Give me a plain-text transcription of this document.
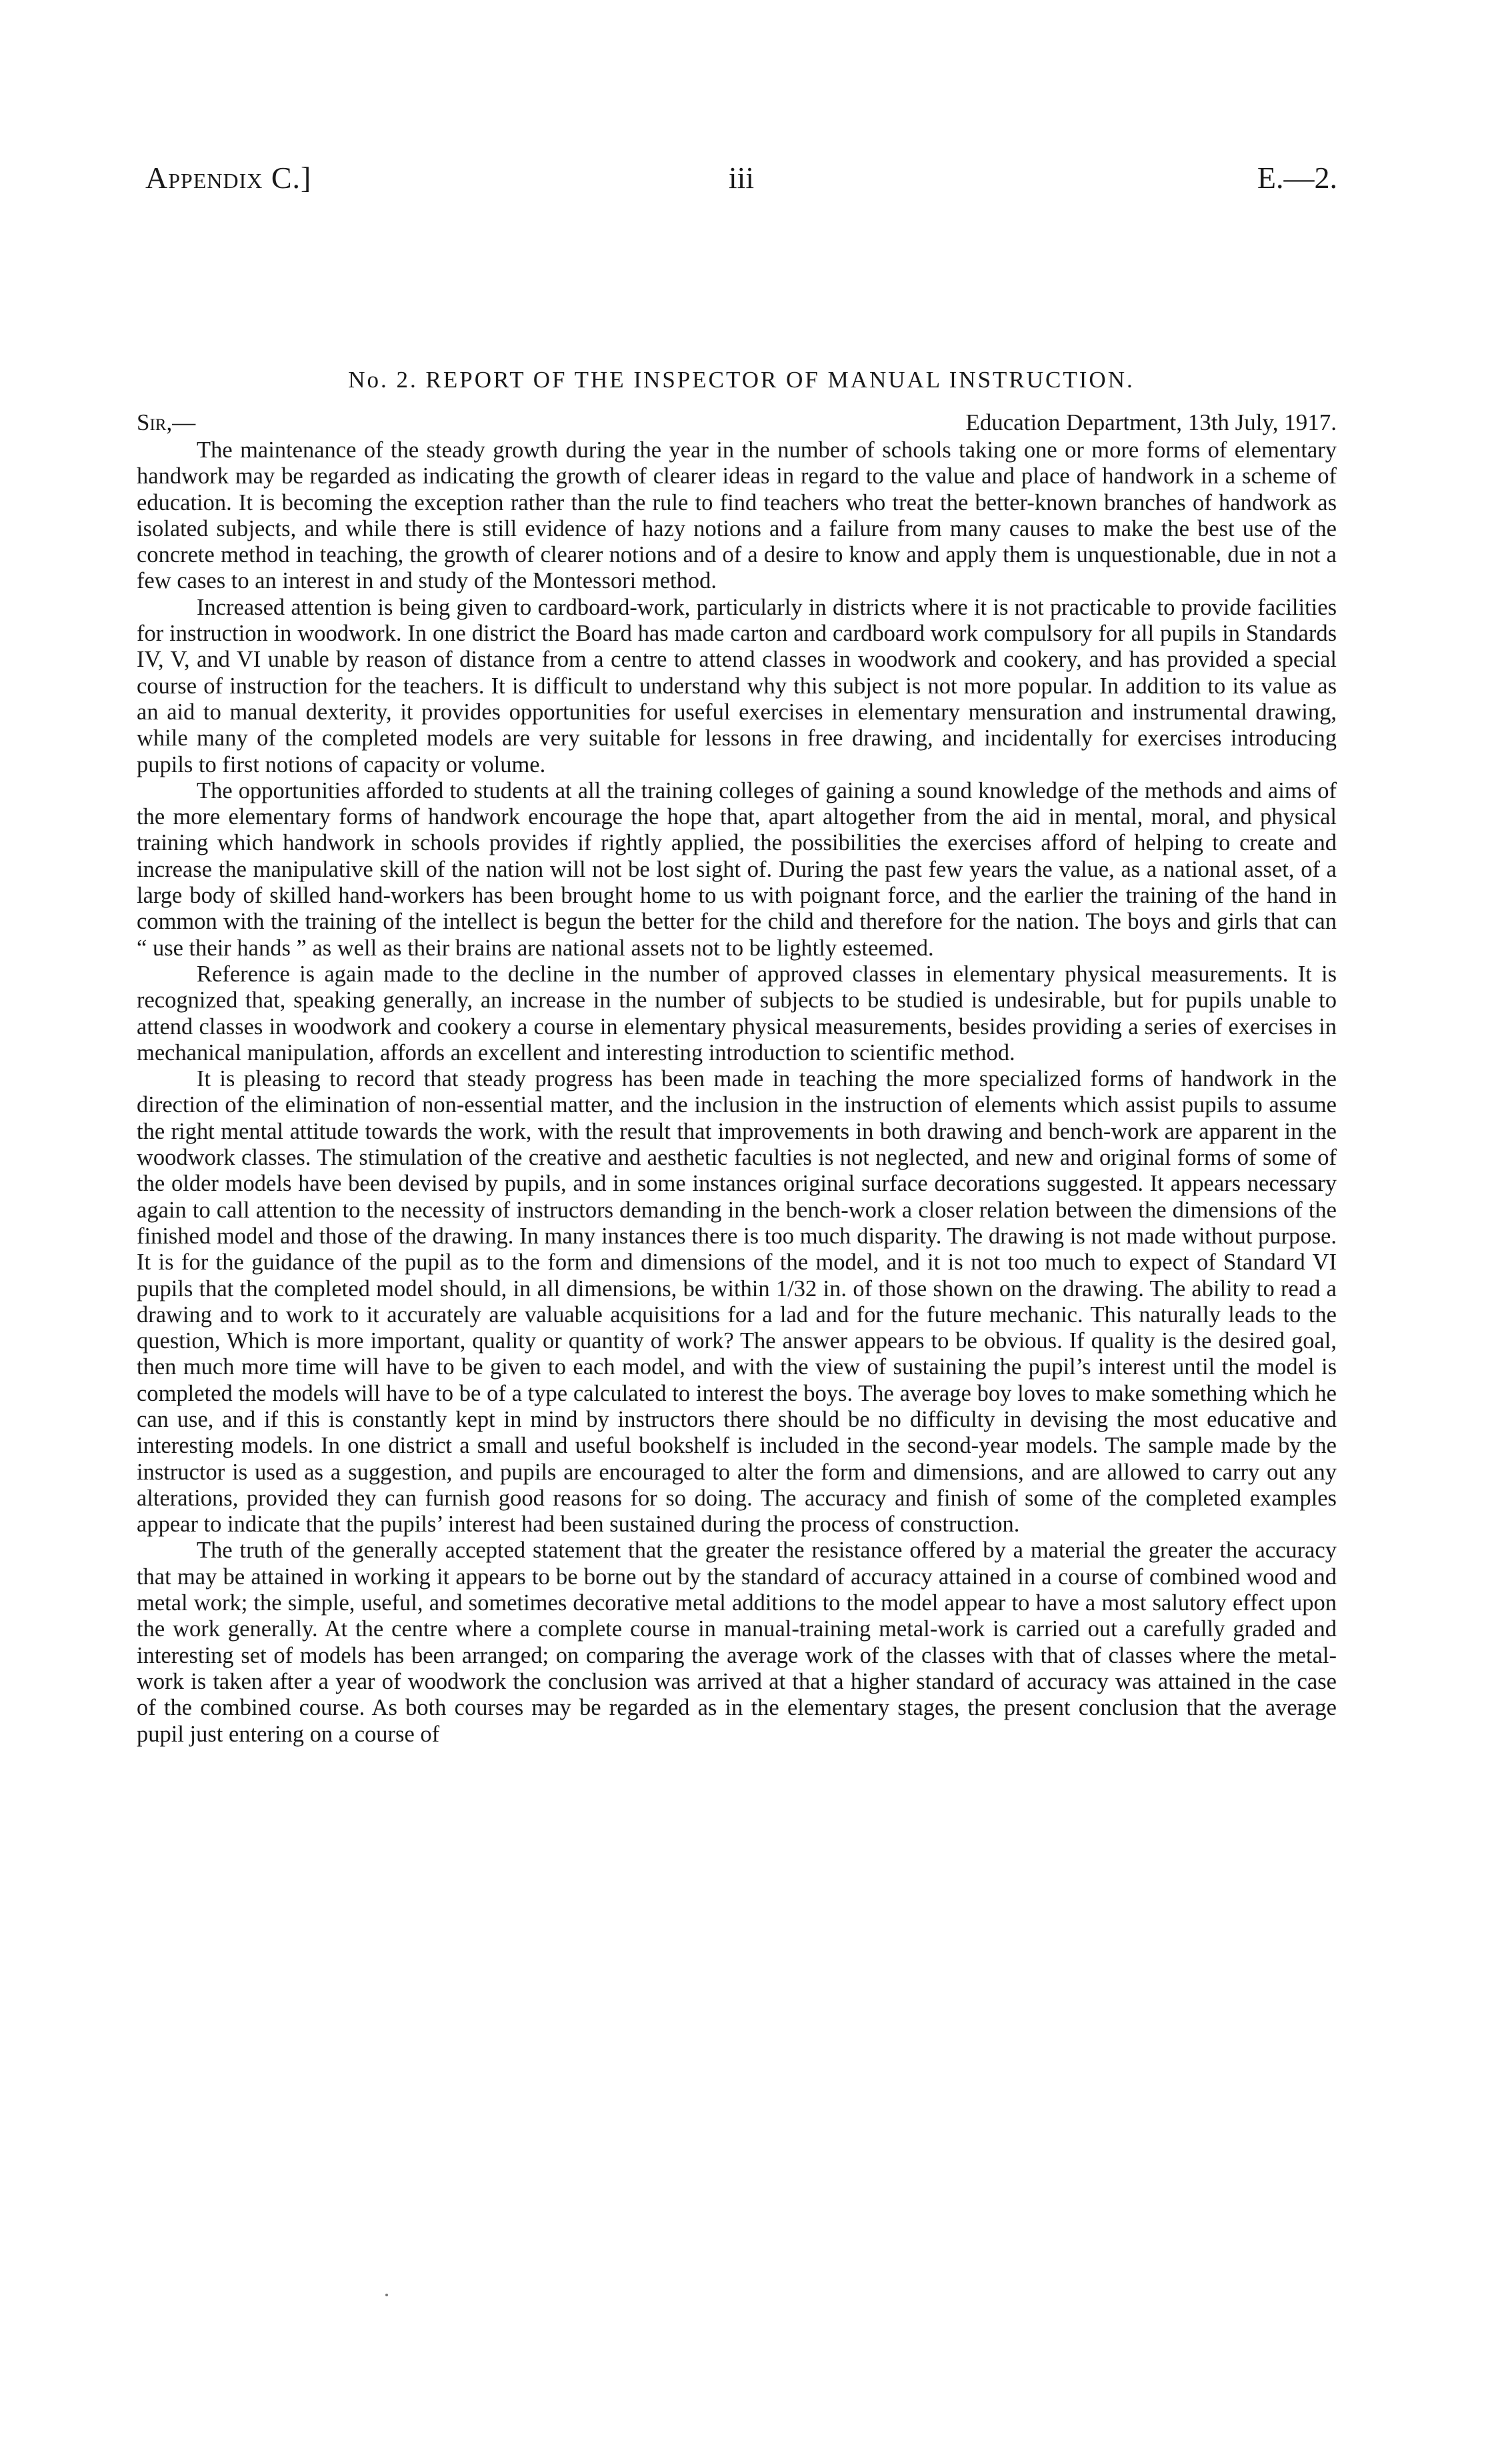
Appendix C.]	iii	E.—2.
No. 2. REPORT OF THE INSPECTOR OF MANUAL INSTRUCTION.
Sir,—	Education Department, 13th July, 1917.

The maintenance of the steady growth during the year in the number of schools taking one or more forms of elementary handwork may be regarded as indicating the growth of clearer ideas in regard to the value and place of handwork in a scheme of education. It is becoming the exception rather than the rule to find teachers who treat the better-known branches of handwork as isolated subjects, and while there is still evidence of hazy notions and a failure from many causes to make the best use of the concrete method in teaching, the growth of clearer notions and of a desire to know and apply them is unquestionable, due in not a few cases to an interest in and study of the Montessori method.

Increased attention is being given to cardboard-work, particularly in districts where it is not practicable to provide facilities for instruction in woodwork. In one district the Board has made carton and cardboard work compulsory for all pupils in Standards IV, V, and VI unable by reason of distance from a centre to attend classes in woodwork and cookery, and has provided a special course of instruction for the teachers. It is difficult to understand why this subject is not more popular. In addition to its value as an aid to manual dexterity, it provides opportunities for useful exercises in elementary mensuration and instrumental drawing, while many of the completed models are very suitable for lessons in free drawing, and incidentally for exercises introducing pupils to first notions of capacity or volume.

The opportunities afforded to students at all the training colleges of gaining a sound knowledge of the methods and aims of the more elementary forms of handwork encourage the hope that, apart altogether from the aid in mental, moral, and physical training which handwork in schools provides if rightly applied, the possibilities the exercises afford of helping to create and increase the manipulative skill of the nation will not be lost sight of. During the past few years the value, as a national asset, of a large body of skilled hand-workers has been brought home to us with poignant force, and the earlier the training of the hand in common with the training of the intellect is begun the better for the child and therefore for the nation. The boys and girls that can “ use their hands ” as well as their brains are national assets not to be lightly esteemed.

Reference is again made to the decline in the number of approved classes in elementary physical measurements. It is recognized that, speaking generally, an increase in the number of subjects to be studied is undesirable, but for pupils unable to attend classes in woodwork and cookery a course in elementary physical measurements, besides providing a series of exercises in mechanical manipulation, affords an excellent and interesting introduction to scientific method.

It is pleasing to record that steady progress has been made in teaching the more specialized forms of handwork in the direction of the elimination of non-essential matter, and the inclusion in the instruction of elements which assist pupils to assume the right mental attitude towards the work, with the result that improvements in both drawing and bench-work are apparent in the woodwork classes. The stimulation of the creative and aesthetic faculties is not neglected, and new and original forms of some of the older models have been devised by pupils, and in some instances original surface decorations suggested. It appears necessary again to call attention to the necessity of instructors demanding in the bench-work a closer relation between the dimensions of the finished model and those of the drawing. In many instances there is too much disparity. The drawing is not made without purpose. It is for the guidance of the pupil as to the form and dimensions of the model, and it is not too much to expect of Standard VI pupils that the completed model should, in all dimensions, be within 1/32 in. of those shown on the drawing. The ability to read a drawing and to work to it accurately are valuable acquisitions for a lad and for the future mechanic. This naturally leads to the question, Which is more important, quality or quantity of work? The answer appears to be obvious. If quality is the desired goal, then much more time will have to be given to each model, and with the view of sustaining the pupil’s interest until the model is completed the models will have to be of a type calculated to interest the boys. The average boy loves to make something which he can use, and if this is constantly kept in mind by instructors there should be no difficulty in devising the most educative and interesting models. In one district a small and useful bookshelf is included in the second-year models. The sample made by the instructor is used as a suggestion, and pupils are encouraged to alter the form and dimensions, and are allowed to carry out any alterations, provided they can furnish good reasons for so doing. The accuracy and finish of some of the completed examples appear to indicate that the pupils’ interest had been sustained during the process of construction.

The truth of the generally accepted statement that the greater the resistance offered by a material the greater the accuracy that may be attained in working it appears to be borne out by the standard of accuracy attained in a course of combined wood and metal work; the simple, useful, and sometimes decorative metal additions to the model appear to have a most salutory effect upon the work generally. At the centre where a complete course in manual-training metal-work is carried out a carefully graded and interesting set of models has been arranged; on comparing the average work of the classes with that of classes where the metal-work is taken after a year of woodwork the conclusion was arrived at that a higher standard of accuracy was attained in the case of the combined course. As both courses may be regarded as in the elementary stages, the present conclusion that the average pupil just entering on a course of
